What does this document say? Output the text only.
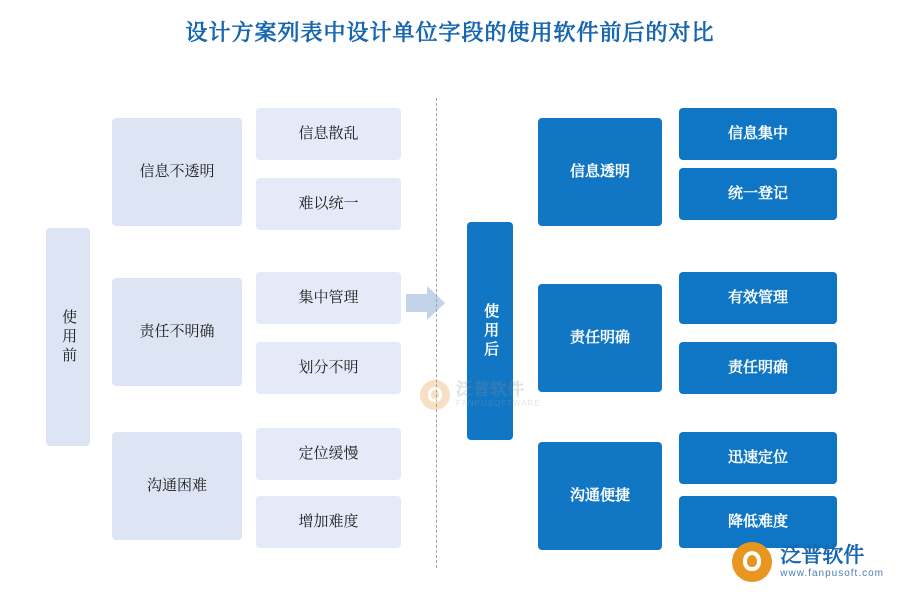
设计方案列表中设计单位字段的使用软件前后的对比
使用前
信息不透明
信息散乱
难以统一
责任不明确
集中管理
划分不明
沟通困难
定位缓慢
增加难度
使用后
信息透明
信息集中
统一登记
责任明确
有效管理
责任明确
沟通便捷
迅速定位
降低难度
泛普软件
FANPUSOFTWARE
泛普软件
www.fanpusoft.com
